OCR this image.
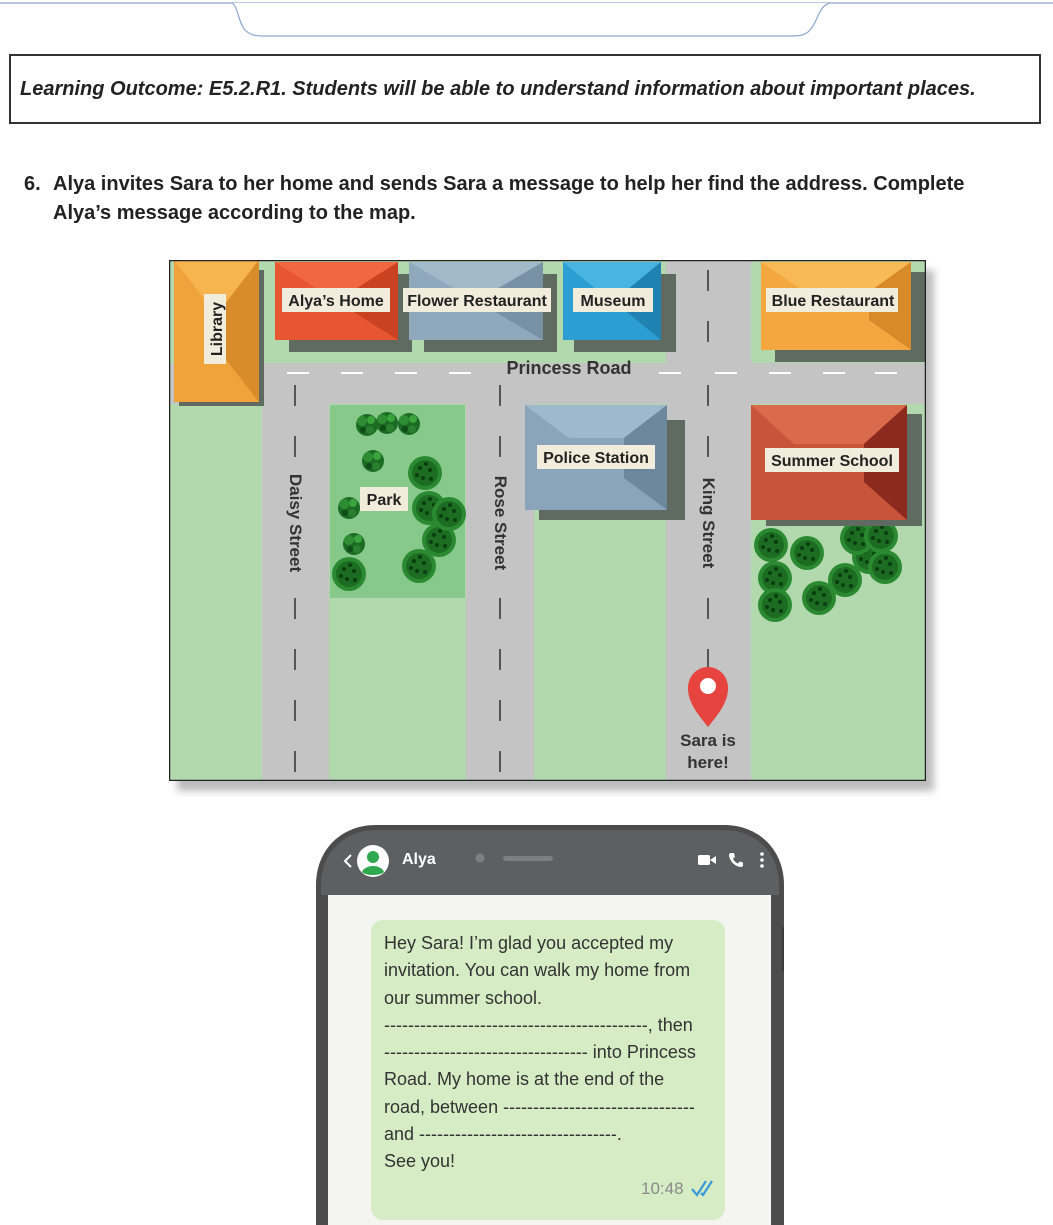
Learning Outcome: E5.2.R1. Students will be able to understand information about important places.
6. Alya invites Sara to her home and sends Sara a message to help her find the address. Complete Alya’s message according to the map.
Library
Alya’s Home Flower Restaurant Museum	Blue Restaurant
Police Station	Summer School
Park
Princess Road
Daisy Street	Rose Street	King Street
Sara is
here!
Alya
Hey Sara! I’m glad you accepted my
invitation. You can walk my home from
our summer school.
--------------------------------------------, then
---------------------------------- into Princess
Road. My home is at the end of the
road, between --------------------------------
and ---------------------------------.
See you!
10:48
